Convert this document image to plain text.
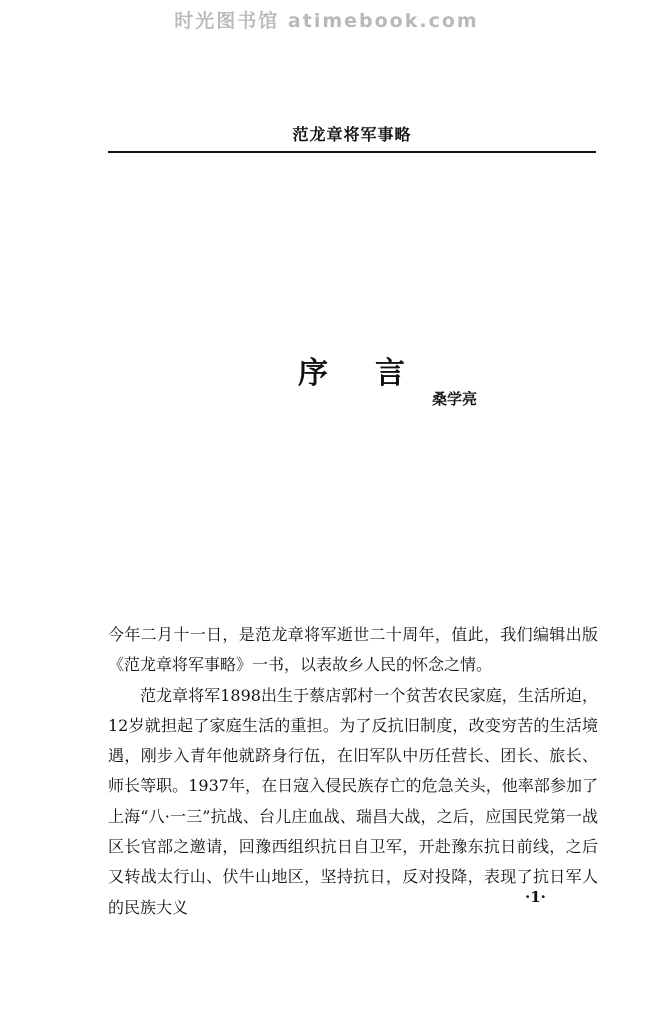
时光图书馆 atimebook.com
范龙章将军事略
序 言
桑学亮

今年二月十一日，是范龙章将军逝世二十周年，值此，我们编辑出版《范龙章将军事略》一书，以表故乡人民的怀念之情。

范龙章将军1898出生于蔡店郭村一个贫苦农民家庭，生活所迫，12岁就担起了家庭生活的重担。为了反抗旧制度，改变穷苦的生活境遇，刚步入青年他就跻身行伍，在旧军队中历任营长、团长、旅长、师长等职。1937年，在日寇入侵民族存亡的危急关头，他率部参加了上海“八·一三”抗战、台儿庄血战、瑞昌大战，之后，应国民党第一战区长官部之邀请，回豫西组织抗日自卫军，开赴豫东抗日前线，之后又转战太行山、伏牛山地区，坚持抗日，反对投降，表现了抗日军人的民族大义

·1·
